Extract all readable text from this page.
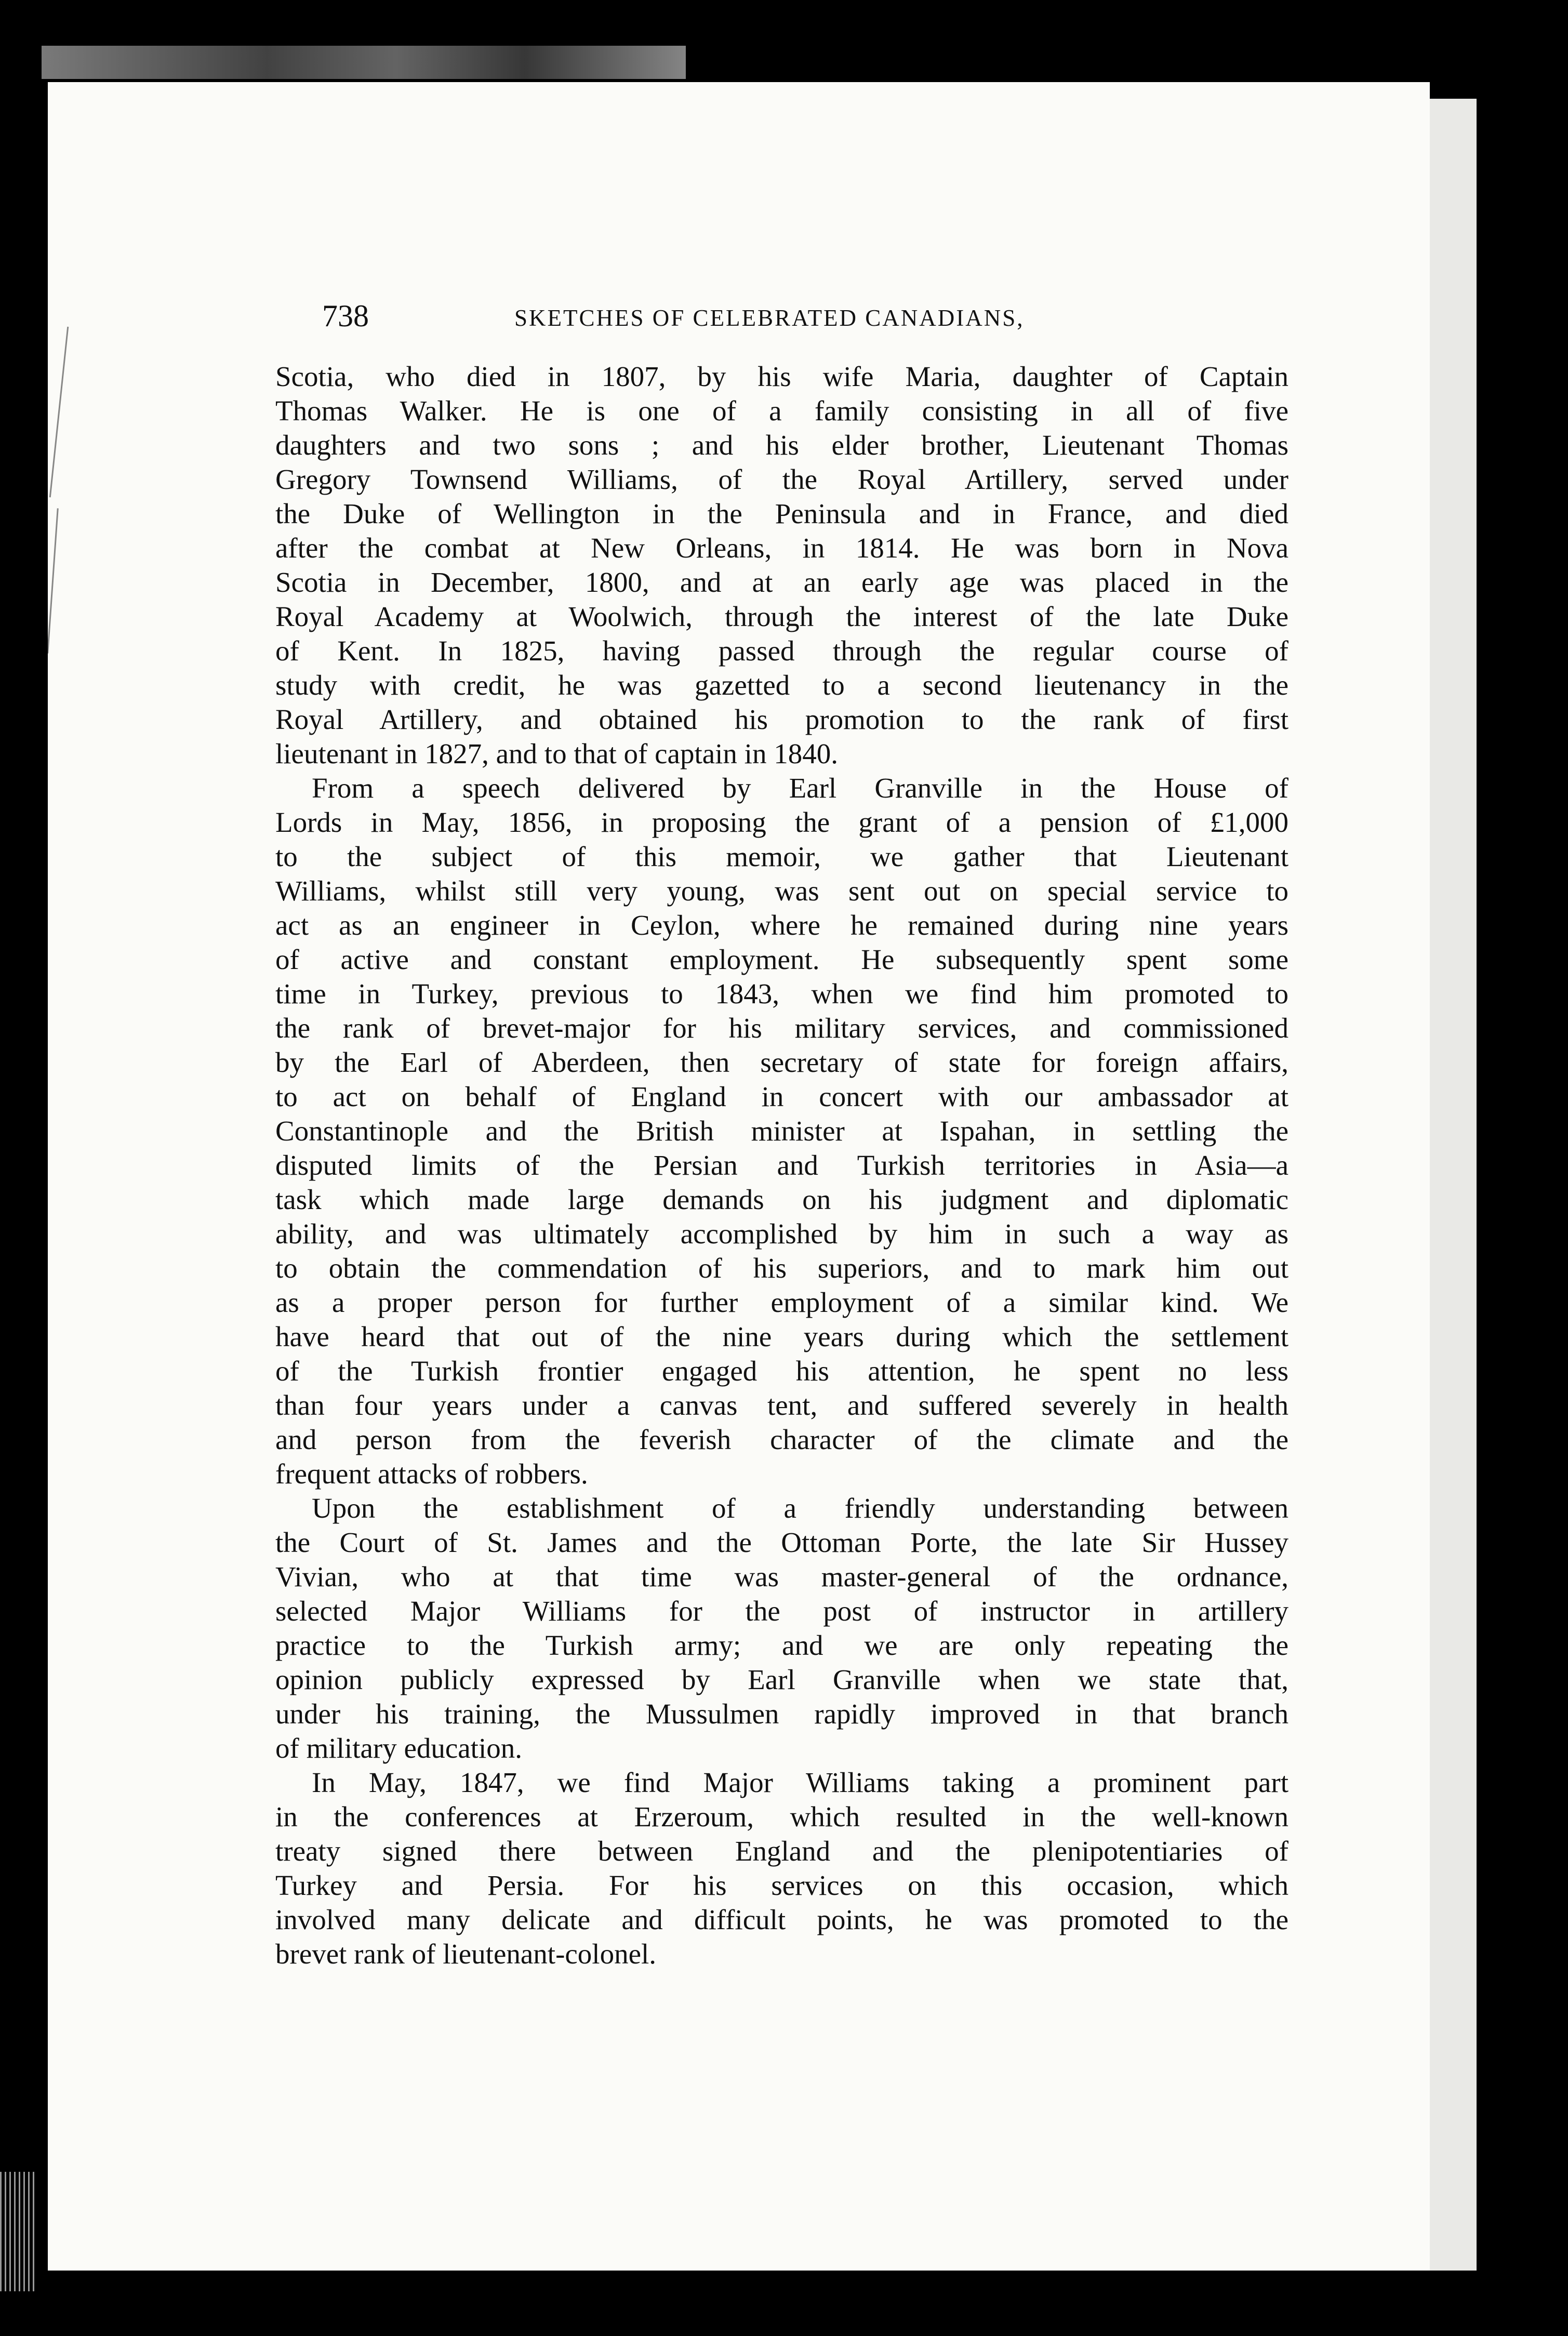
738	SKETCHES OF CELEBRATED CANADIANS,
Scotia, who died in 1807, by his wife Maria, daughter of Captain
Thomas Walker. He is one of a family consisting in all of five
daughters and two sons ; and his elder brother, Lieutenant Thomas
Gregory Townsend Williams, of the Royal Artillery, served under
the Duke of Wellington in the Peninsula and in France, and died
after the combat at New Orleans, in 1814. He was born in Nova
Scotia in December, 1800, and at an early age was placed in the
Royal Academy at Woolwich, through the interest of the late Duke
of Kent. In 1825, having passed through the regular course of
study with credit, he was gazetted to a second lieutenancy in the
Royal Artillery, and obtained his promotion to the rank of first
lieutenant in 1827, and to that of captain in 1840.
From a speech delivered by Earl Granville in the House of
Lords in May, 1856, in proposing the grant of a pension of £1,000
to the subject of this memoir, we gather that Lieutenant
Williams, whilst still very young, was sent out on special service to
act as an engineer in Ceylon, where he remained during nine years
of active and constant employment. He subsequently spent some
time in Turkey, previous to 1843, when we find him promoted to
the rank of brevet-major for his military services, and commissioned
by the Earl of Aberdeen, then secretary of state for foreign affairs,
to act on behalf of England in concert with our ambassador at
Constantinople and the British minister at Ispahan, in settling the
disputed limits of the Persian and Turkish territories in Asia—a
task which made large demands on his judgment and diplomatic
ability, and was ultimately accomplished by him in such a way as
to obtain the commendation of his superiors, and to mark him out
as a proper person for further employment of a similar kind. We
have heard that out of the nine years during which the settlement
of the Turkish frontier engaged his attention, he spent no less
than four years under a canvas tent, and suffered severely in health
and person from the feverish character of the climate and the
frequent attacks of robbers.
Upon the establishment of a friendly understanding between
the Court of St. James and the Ottoman Porte, the late Sir Hussey
Vivian, who at that time was master-general of the ordnance,
selected Major Williams for the post of instructor in artillery
practice to the Turkish army; and we are only repeating the
opinion publicly expressed by Earl Granville when we state that,
under his training, the Mussulmen rapidly improved in that branch
of military education.
In May, 1847, we find Major Williams taking a prominent part
in the conferences at Erzeroum, which resulted in the well-known
treaty signed there between England and the plenipotentiaries of
Turkey and Persia. For his services on this occasion, which
involved many delicate and difficult points, he was promoted to the
brevet rank of lieutenant-colonel.
